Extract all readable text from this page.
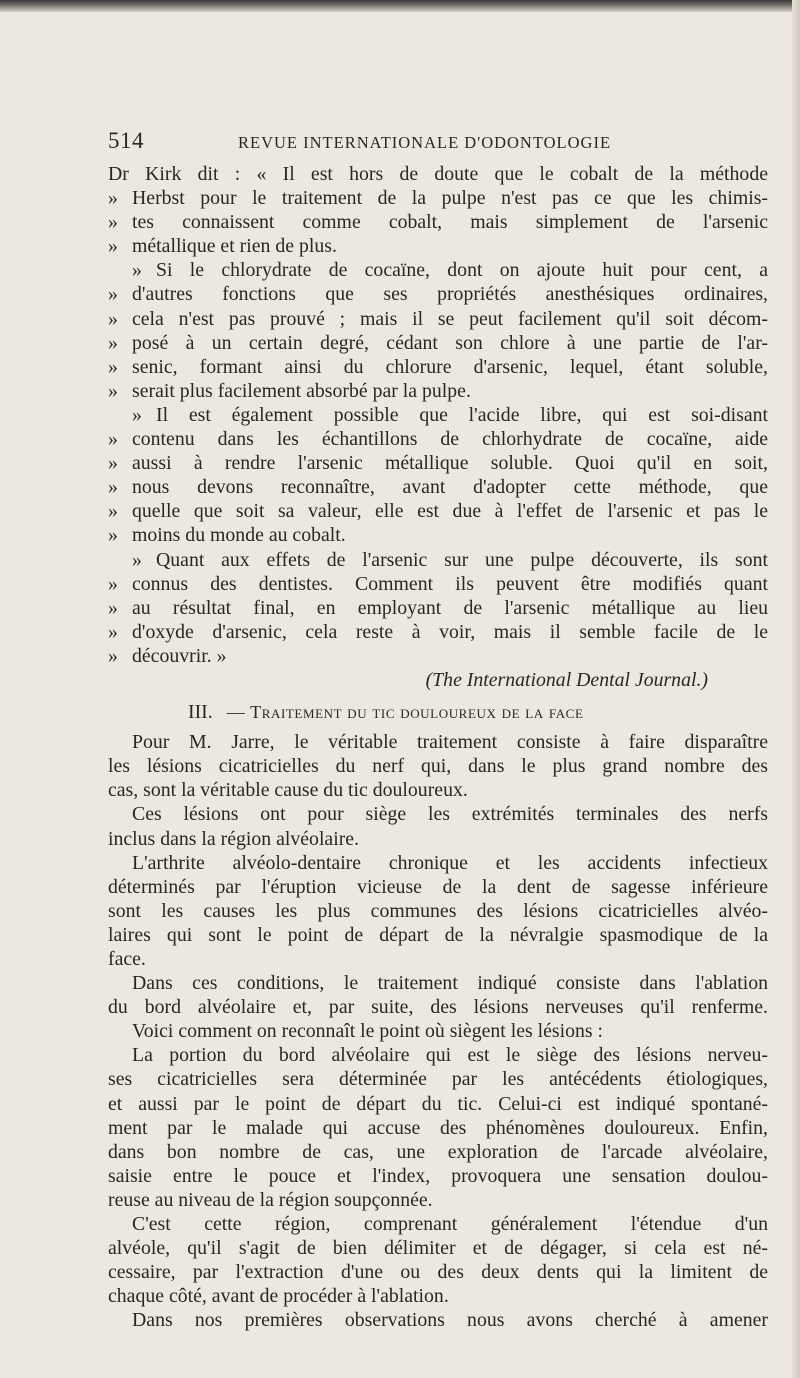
514	REVUE INTERNATIONALE D'ODONTOLOGIE
Dr Kirk dit : « Il est hors de doute que le cobalt de la méthode
» Herbst pour le traitement de la pulpe n'est pas ce que les chimis-
» tes connaissent comme cobalt, mais simplement de l'arsenic
» métallique et rien de plus.
» Si le chlorydrate de cocaïne, dont on ajoute huit pour cent, a
» d'autres fonctions que ses propriétés anesthésiques ordinaires,
» cela n'est pas prouvé ; mais il se peut facilement qu'il soit décom-
» posé à un certain degré, cédant son chlore à une partie de l'ar-
» senic, formant ainsi du chlorure d'arsenic, lequel, étant soluble,
» serait plus facilement absorbé par la pulpe.
» Il est également possible que l'acide libre, qui est soi-disant
» contenu dans les échantillons de chlorhydrate de cocaïne, aide
» aussi à rendre l'arsenic métallique soluble. Quoi qu'il en soit,
» nous devons reconnaître, avant d'adopter cette méthode, que
» quelle que soit sa valeur, elle est due à l'effet de l'arsenic et pas le
» moins du monde au cobalt.
» Quant aux effets de l'arsenic sur une pulpe découverte, ils sont
» connus des dentistes. Comment ils peuvent être modifiés quant
» au résultat final, en employant de l'arsenic métallique au lieu
» d'oxyde d'arsenic, cela reste à voir, mais il semble facile de le
» découvrir. »
(The International Dental Journal.)
III. — Traitement du tic douloureux de la face
Pour M. Jarre, le véritable traitement consiste à faire disparaître
les lésions cicatricielles du nerf qui, dans le plus grand nombre des
cas, sont la véritable cause du tic douloureux.
Ces lésions ont pour siège les extrémités terminales des nerfs
inclus dans la région alvéolaire.
L'arthrite alvéolo-dentaire chronique et les accidents infectieux
déterminés par l'éruption vicieuse de la dent de sagesse inférieure
sont les causes les plus communes des lésions cicatricielles alvéo-
laires qui sont le point de départ de la névralgie spasmodique de la
face.
Dans ces conditions, le traitement indiqué consiste dans l'ablation
du bord alvéolaire et, par suite, des lésions nerveuses qu'il renferme.
Voici comment on reconnaît le point où siègent les lésions :
La portion du bord alvéolaire qui est le siège des lésions nerveu-
ses cicatricielles sera déterminée par les antécédents étiologiques,
et aussi par le point de départ du tic. Celui-ci est indiqué spontané-
ment par le malade qui accuse des phénomènes douloureux. Enfin,
dans bon nombre de cas, une exploration de l'arcade alvéolaire,
saisie entre le pouce et l'index, provoquera une sensation doulou-
reuse au niveau de la région soupçonnée.
C'est cette région, comprenant généralement l'étendue d'un
alvéole, qu'il s'agit de bien délimiter et de dégager, si cela est né-
cessaire, par l'extraction d'une ou des deux dents qui la limitent de
chaque côté, avant de procéder à l'ablation.
Dans nos premières observations nous avons cherché à amener
